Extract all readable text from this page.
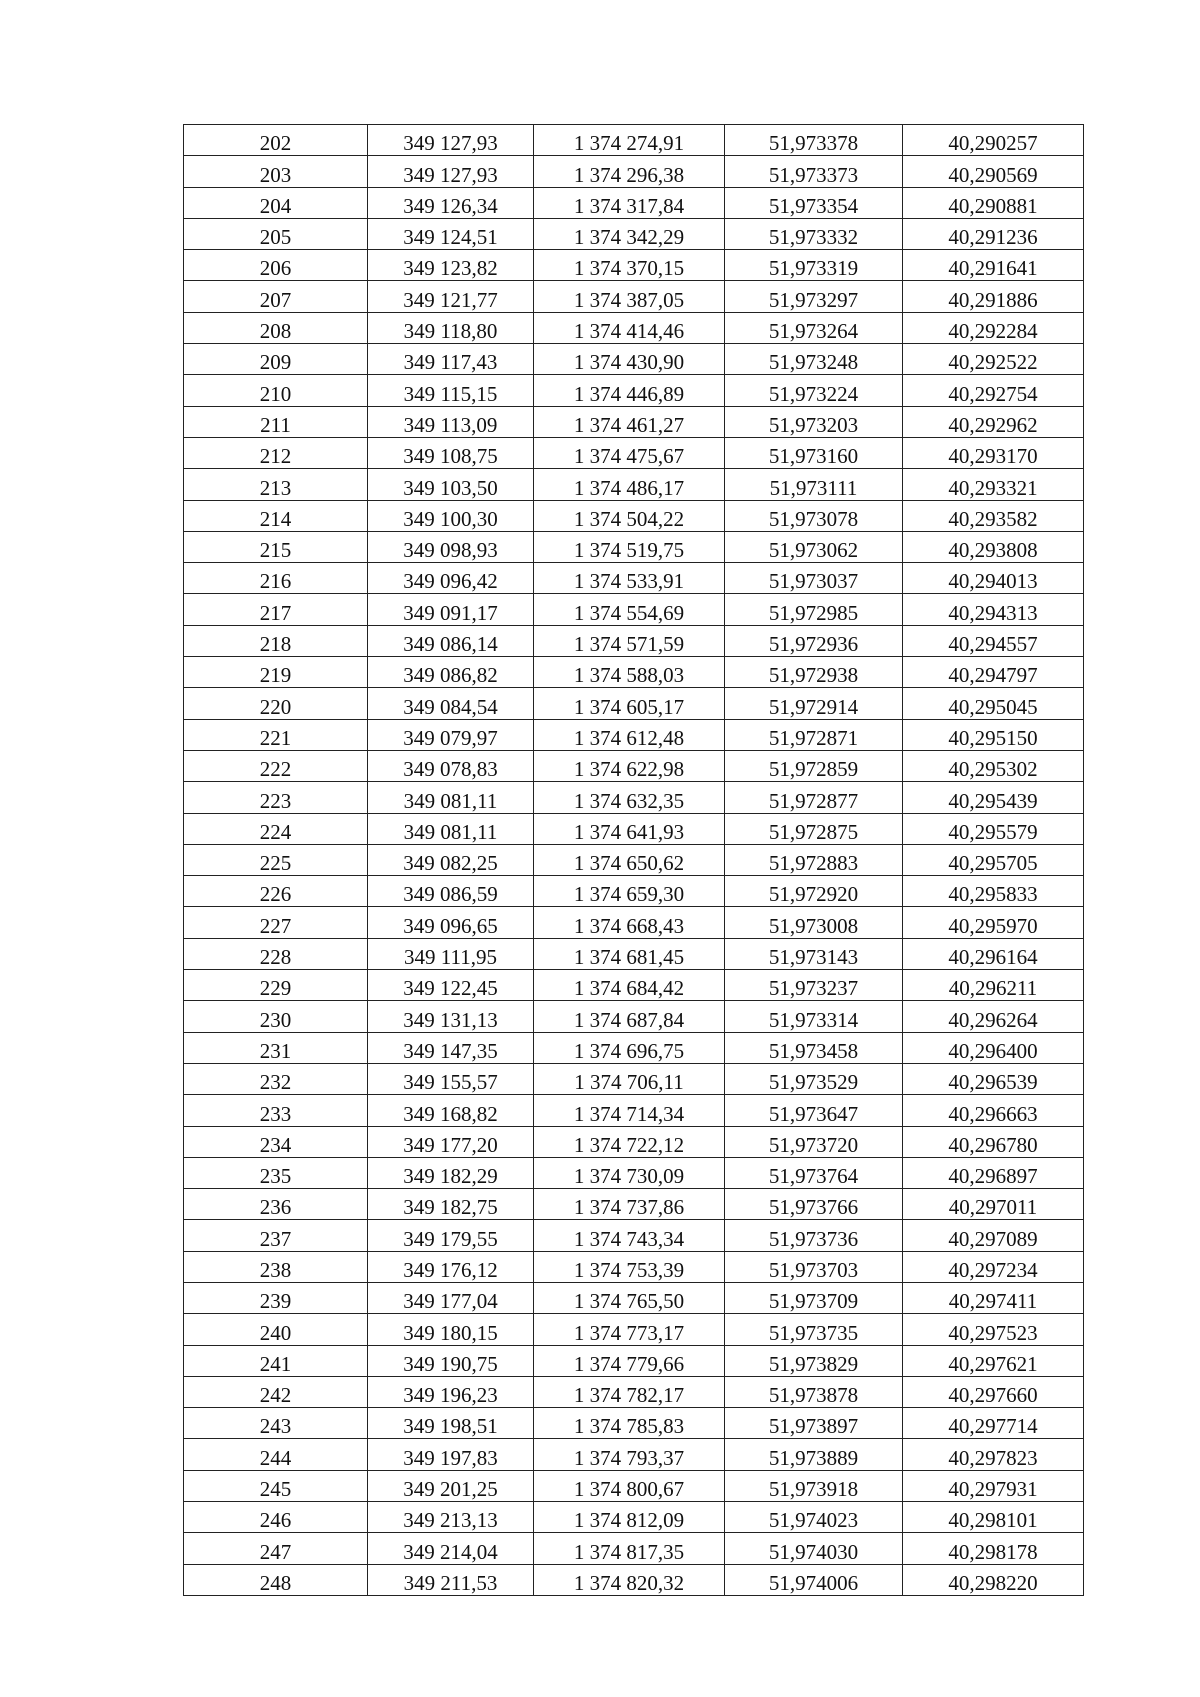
202	349 127,93	1 374 274,91	51,973378	40,290257
203	349 127,93	1 374 296,38	51,973373	40,290569
204	349 126,34	1 374 317,84	51,973354	40,290881
205	349 124,51	1 374 342,29	51,973332	40,291236
206	349 123,82	1 374 370,15	51,973319	40,291641
207	349 121,77	1 374 387,05	51,973297	40,291886
208	349 118,80	1 374 414,46	51,973264	40,292284
209	349 117,43	1 374 430,90	51,973248	40,292522
210	349 115,15	1 374 446,89	51,973224	40,292754
211	349 113,09	1 374 461,27	51,973203	40,292962
212	349 108,75	1 374 475,67	51,973160	40,293170
213	349 103,50	1 374 486,17	51,973111	40,293321
214	349 100,30	1 374 504,22	51,973078	40,293582
215	349 098,93	1 374 519,75	51,973062	40,293808
216	349 096,42	1 374 533,91	51,973037	40,294013
217	349 091,17	1 374 554,69	51,972985	40,294313
218	349 086,14	1 374 571,59	51,972936	40,294557
219	349 086,82	1 374 588,03	51,972938	40,294797
220	349 084,54	1 374 605,17	51,972914	40,295045
221	349 079,97	1 374 612,48	51,972871	40,295150
222	349 078,83	1 374 622,98	51,972859	40,295302
223	349 081,11	1 374 632,35	51,972877	40,295439
224	349 081,11	1 374 641,93	51,972875	40,295579
225	349 082,25	1 374 650,62	51,972883	40,295705
226	349 086,59	1 374 659,30	51,972920	40,295833
227	349 096,65	1 374 668,43	51,973008	40,295970
228	349 111,95	1 374 681,45	51,973143	40,296164
229	349 122,45	1 374 684,42	51,973237	40,296211
230	349 131,13	1 374 687,84	51,973314	40,296264
231	349 147,35	1 374 696,75	51,973458	40,296400
232	349 155,57	1 374 706,11	51,973529	40,296539
233	349 168,82	1 374 714,34	51,973647	40,296663
234	349 177,20	1 374 722,12	51,973720	40,296780
235	349 182,29	1 374 730,09	51,973764	40,296897
236	349 182,75	1 374 737,86	51,973766	40,297011
237	349 179,55	1 374 743,34	51,973736	40,297089
238	349 176,12	1 374 753,39	51,973703	40,297234
239	349 177,04	1 374 765,50	51,973709	40,297411
240	349 180,15	1 374 773,17	51,973735	40,297523
241	349 190,75	1 374 779,66	51,973829	40,297621
242	349 196,23	1 374 782,17	51,973878	40,297660
243	349 198,51	1 374 785,83	51,973897	40,297714
244	349 197,83	1 374 793,37	51,973889	40,297823
245	349 201,25	1 374 800,67	51,973918	40,297931
246	349 213,13	1 374 812,09	51,974023	40,298101
247	349 214,04	1 374 817,35	51,974030	40,298178
248	349 211,53	1 374 820,32	51,974006	40,298220
